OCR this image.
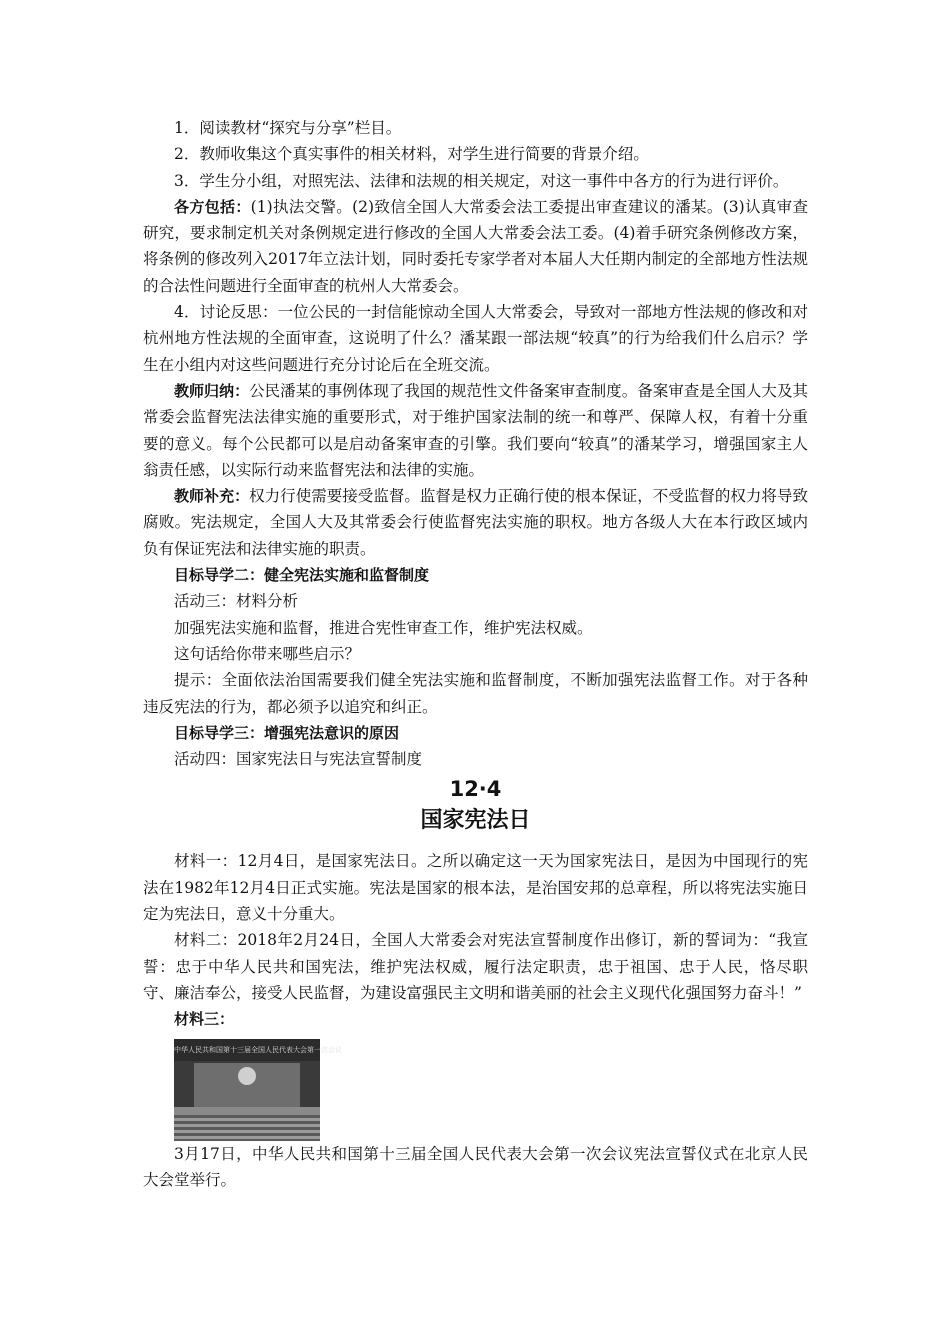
1．阅读教材“探究与分享”栏目。

2．教师收集这个真实事件的相关材料，对学生进行简要的背景介绍。

3．学生分小组，对照宪法、法律和法规的相关规定，对这一事件中各方的行为进行评价。

各方包括：(1)执法交警。(2)致信全国人大常委会法工委提出审查建议的潘某。(3)认真审查研究，要求制定机关对条例规定进行修改的全国人大常委会法工委。(4)着手研究条例修改方案，将条例的修改列入2017年立法计划，同时委托专家学者对本届人大任期内制定的全部地方性法规的合法性问题进行全面审查的杭州人大常委会。

4．讨论反思：一位公民的一封信能惊动全国人大常委会，导致对一部地方性法规的修改和对杭州地方性法规的全面审查，这说明了什么？潘某跟一部法规“较真”的行为给我们什么启示？学生在小组内对这些问题进行充分讨论后在全班交流。

教师归纳：公民潘某的事例体现了我国的规范性文件备案审查制度。备案审查是全国人大及其常委会监督宪法法律实施的重要形式，对于维护国家法制的统一和尊严、保障人权，有着十分重要的意义。每个公民都可以是启动备案审查的引擎。我们要向“较真”的潘某学习，增强国家主人翁责任感，以实际行动来监督宪法和法律的实施。

教师补充：权力行使需要接受监督。监督是权力正确行使的根本保证，不受监督的权力将导致腐败。宪法规定，全国人大及其常委会行使监督宪法实施的职权。地方各级人大在本行政区域内负有保证宪法和法律实施的职责。

目标导学二：健全宪法实施和监督制度

活动三：材料分析

加强宪法实施和监督，推进合宪性审查工作，维护宪法权威。

这句话给你带来哪些启示？

提示：全面依法治国需要我们健全宪法实施和监督制度，不断加强宪法监督工作。对于各种违反宪法的行为，都必须予以追究和纠正。

目标导学三：增强宪法意识的原因

活动四：国家宪法日与宪法宣誓制度

12·4
国家宪法日

材料一：12月4日，是国家宪法日。之所以确定这一天为国家宪法日，是因为中国现行的宪法在1982年12月4日正式实施。宪法是国家的根本法，是治国安邦的总章程，所以将宪法实施日定为宪法日，意义十分重大。

材料二：2018年2月24日，全国人大常委会对宪法宣誓制度作出修订，新的誓词为：“我宣誓：忠于中华人民共和国宪法，维护宪法权威，履行法定职责，忠于祖国、忠于人民，恪尽职守、廉洁奉公，接受人民监督，为建设富强民主文明和谐美丽的社会主义现代化强国努力奋斗！”

材料三：

中华人民共和国第十三届全国人民代表大会第一次会议

3月17日，中华人民共和国第十三届全国人民代表大会第一次会议宪法宣誓仪式在北京人民大会堂举行。
